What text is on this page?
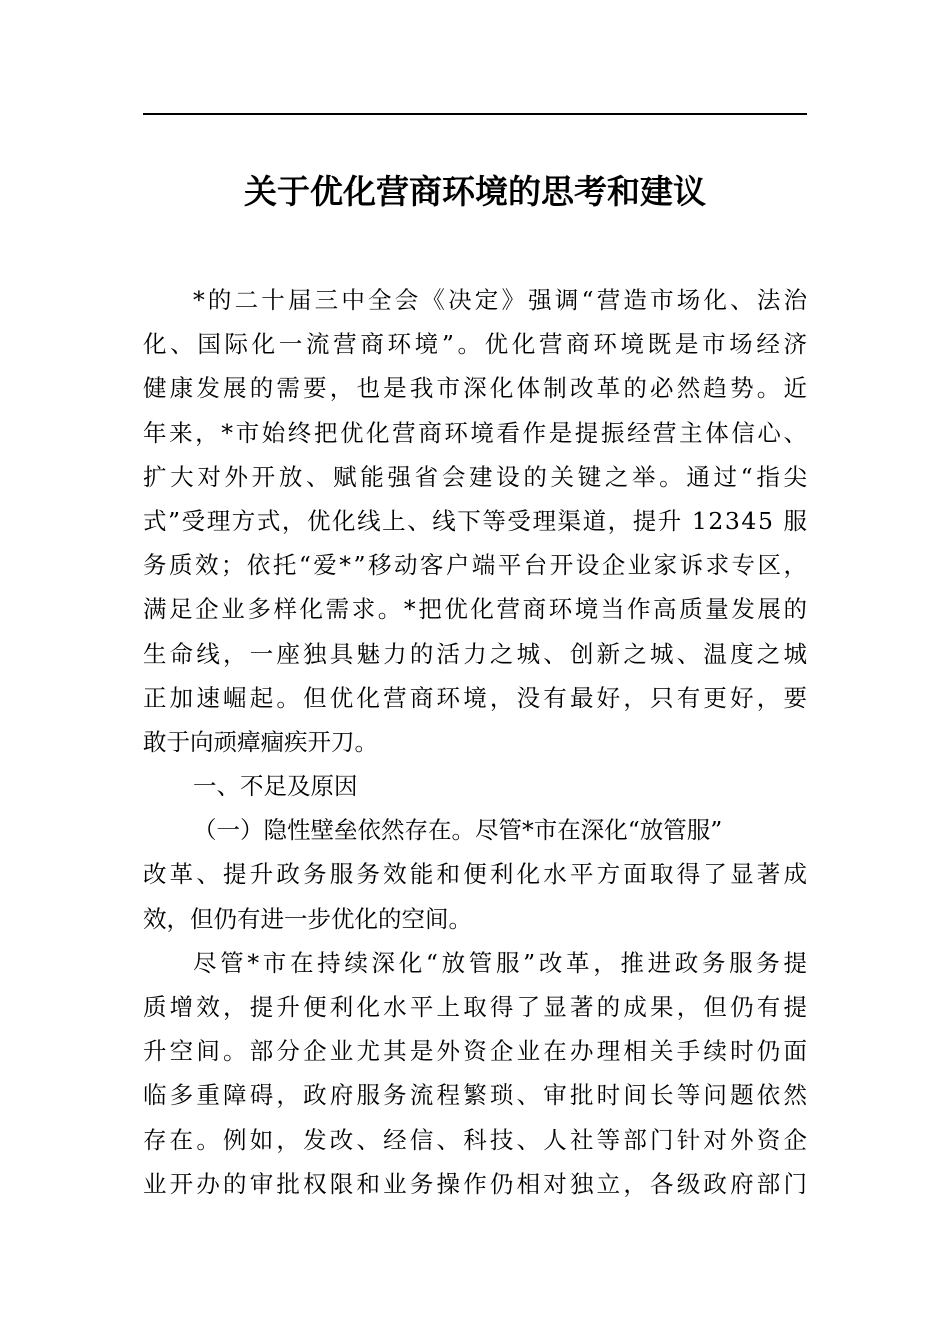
关于优化营商环境的思考和建议
*的二十届三中全会《决定》强调“营造市场化、法治
化、国际化一流营商环境”。优化营商环境既是市场经济
健康发展的需要，也是我市深化体制改革的必然趋势。近
年来，*市始终把优化营商环境看作是提振经营主体信心、
扩大对外开放、赋能强省会建设的关键之举。通过“指尖
式”受理方式，优化线上、线下等受理渠道，提升 12345 服
务质效；依托“爱*”移动客户端平台开设企业家诉求专区，
满足企业多样化需求。*把优化营商环境当作高质量发展的
生命线，一座独具魅力的活力之城、创新之城、温度之城
正加速崛起。但优化营商环境，没有最好，只有更好，要
敢于向顽瘴痼疾开刀。
一、不足及原因
（一）隐性壁垒依然存在。尽管*市在深化“放管服”
改革、提升政务服务效能和便利化水平方面取得了显著成
效，但仍有进一步优化的空间。
尽管*市在持续深化“放管服”改革，推进政务服务提
质增效，提升便利化水平上取得了显著的成果，但仍有提
升空间。部分企业尤其是外资企业在办理相关手续时仍面
临多重障碍，政府服务流程繁琐、审批时间长等问题依然
存在。例如，发改、经信、科技、人社等部门针对外资企
业开办的审批权限和业务操作仍相对独立，各级政府部门
